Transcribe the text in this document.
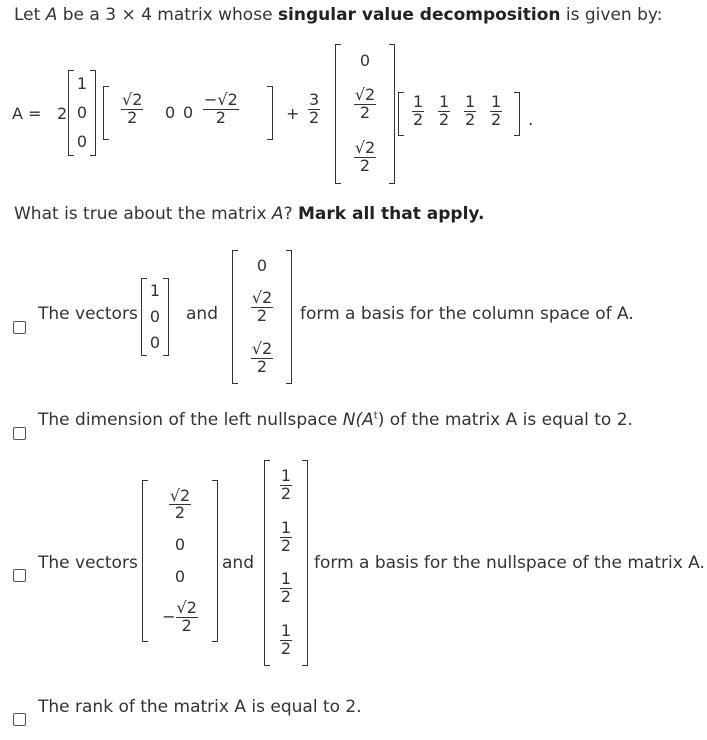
Let A be a 3 × 4 matrix whose singular value decomposition is given by:
A = 2
1
0
0
$\frac{√2}{2} 0$ $0 \frac{-√2}{2}$	+ $\frac{3}{2}$
0
$\frac{√2}{2}$
$\frac{√2}{2}$
$\frac{1}{2} \frac{1}{2} \frac{1}{2} \frac{1}{2}$ .
What is true about the matrix A? Mark all that apply.
The vectors
1
0
0
and
0
$\frac{√2}{2}$
$\frac{√2}{2}$
form a basis for the column space of A.
The dimension of the left nullspace $N(A^t)$ of the matrix A is equal to 2.
The vectors
$\frac{√2}{2}$
0
0
− $\frac{√2}{2}$
and
$\frac{1}{2}$
$\frac{1}{2}$
$\frac{1}{2}$
$\frac{1}{2}$
form a basis for the nullspace of the matrix A.
The rank of the matrix A is equal to 2.
